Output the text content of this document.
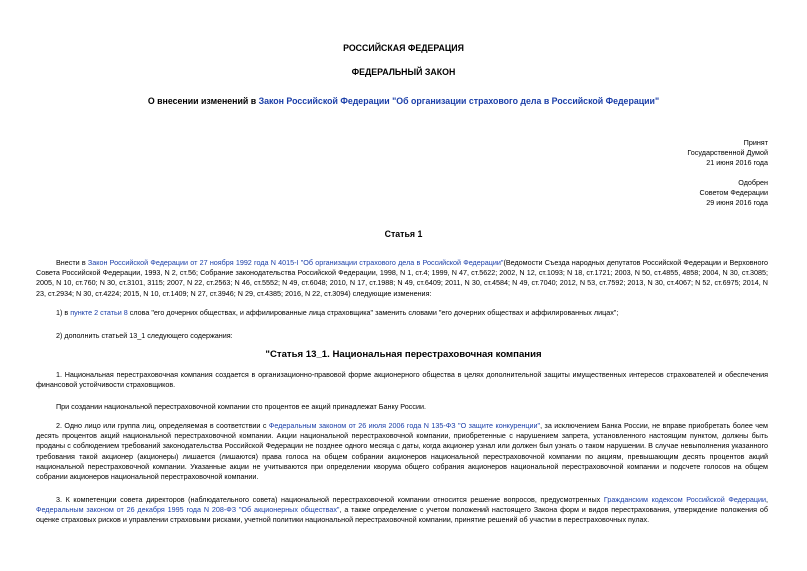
РОССИЙСКАЯ ФЕДЕРАЦИЯ
ФЕДЕРАЛЬНЫЙ ЗАКОН
О внесении изменений в Закон Российской Федерации "Об организации страхового дела в Российской Федерации"
Принят
Государственной Думой
21 июня 2016 года
Одобрен
Советом Федерации
29 июня 2016 года
Статья 1
Внести в Закон Российской Федерации от 27 ноября 1992 года N 4015-I "Об организации страхового дела в Российской Федерации"(Ведомости Съезда народных депутатов Российской Федерации и Верховного Совета Российской Федерации, 1993, N 2, ст.56; Собрание законодательства Российской Федерации, 1998, N 1, ст.4; 1999, N 47, ст.5622; 2002, N 12, ст.1093; N 18, ст.1721; 2003, N 50, ст.4855, 4858; 2004, N 30, ст.3085; 2005, N 10, ст.760; N 30, ст.3101, 3115; 2007, N 22, ст.2563; N 46, ст.5552; N 49, ст.6048; 2010, N 17, ст.1988; N 49, ст.6409; 2011, N 30, ст.4584; N 49, ст.7040; 2012, N 53, ст.7592; 2013, N 30, ст.4067; N 52, ст.6975; 2014, N 23, ст.2934; N 30, ст.4224; 2015, N 10, ст.1409; N 27, ст.3946; N 29, ст.4385; 2016, N 22, ст.3094) следующие изменения:
1) в пункте 2 статьи 8 слова "его дочерних обществах, и аффилированные лица страховщика" заменить словами "его дочерних обществах и аффилированных лицах";
2) дополнить статьей 13_1 следующего содержания:
"Статья 13_1. Национальная перестраховочная компания
1. Национальная перестраховочная компания создается в организационно-правовой форме акционерного общества в целях дополнительной защиты имущественных интересов страхователей и обеспечения финансовой устойчивости страховщиков.
При создании национальной перестраховочной компании сто процентов ее акций принадлежат Банку России.
2. Одно лицо или группа лиц, определяемая в соответствии с Федеральным законом от 26 июля 2006 года N 135-ФЗ "О защите конкуренции", за исключением Банка России, не вправе приобретать более чем десять процентов акций национальной перестраховочной компании. Акции национальной перестраховочной компании, приобретенные с нарушением запрета, установленного настоящим пунктом, должны быть проданы с соблюдением требований законодательства Российской Федерации не позднее одного месяца с даты, когда акционер узнал или должен был узнать о таком нарушении. В случае невыполнения указанного требования такой акционер (акционеры) лишается (лишаются) права голоса на общем собрании акционеров национальной перестраховочной компании по акциям, превышающим десять процентов акций национальной перестраховочной компании. Указанные акции не учитываются при определении кворума общего собрания акционеров национальной перестраховочной компании и подсчете голосов на общем собрании акционеров национальной перестраховочной компании.
3. К компетенции совета директоров (наблюдательного совета) национальной перестраховочной компании относится решение вопросов, предусмотренных Гражданским кодексом Российской Федерации, Федеральным законом от 26 декабря 1995 года N 208-ФЗ "Об акционерных обществах", а также определение с учетом положений настоящего Закона форм и видов перестрахования, утверждение положения об оценке страховых рисков и управлении страховыми рисками, учетной политики национальной перестраховочной компании, принятие решений об участии в перестраховочных пулах.
